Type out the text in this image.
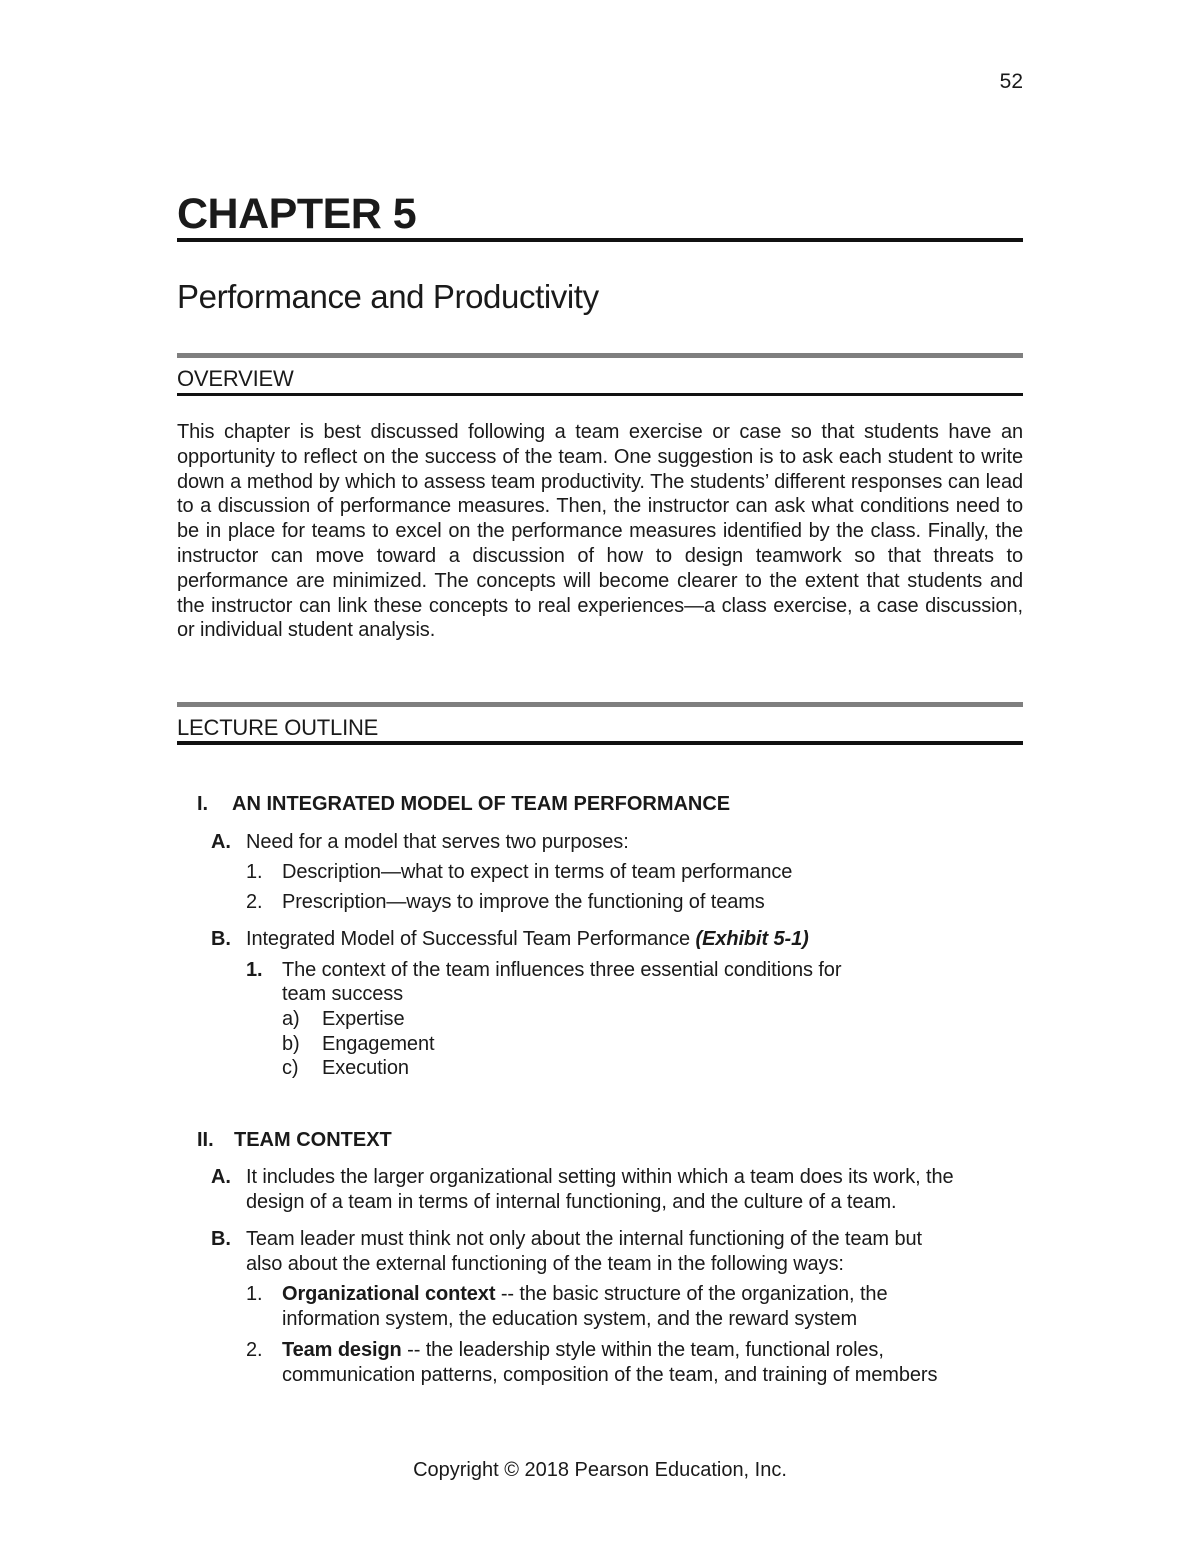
52
CHAPTER 5
Performance and Productivity
OVERVIEW

This chapter is best discussed following a team exercise or case so that students have an opportunity to reflect on the success of the team. One suggestion is to ask each student to write down a method by which to assess team productivity. The students’ different responses can lead to a discussion of performance measures. Then, the instructor can ask what conditions need to be in place for teams to excel on the performance measures identified by the class. Finally, the instructor can move toward a discussion of how to design teamwork so that threats to performance are minimized. The concepts will become clearer to the extent that students and the instructor can link these concepts to real experiences—a class exercise, a case discussion, or individual student analysis.

LECTURE OUTLINE
I. AN INTEGRATED MODEL OF TEAM PERFORMANCE
A. Need for a model that serves two purposes:
1. Description—what to expect in terms of team performance
2. Prescription—ways to improve the functioning of teams
B. Integrated Model of Successful Team Performance (Exhibit 5-1)
1. The context of the team influences three essential conditions for
team success
a) Expertise
b) Engagement
c) Execution
II. TEAM CONTEXT
A. It includes the larger organizational setting within which a team does its work, the
design of a team in terms of internal functioning, and the culture of a team.
B. Team leader must think not only about the internal functioning of the team but
also about the external functioning of the team in the following ways:
1. Organizational context -- the basic structure of the organization, the
information system, the education system, and the reward system
2. Team design -- the leadership style within the team, functional roles,
communication patterns, composition of the team, and training of members
Copyright © 2018 Pearson Education, Inc.
